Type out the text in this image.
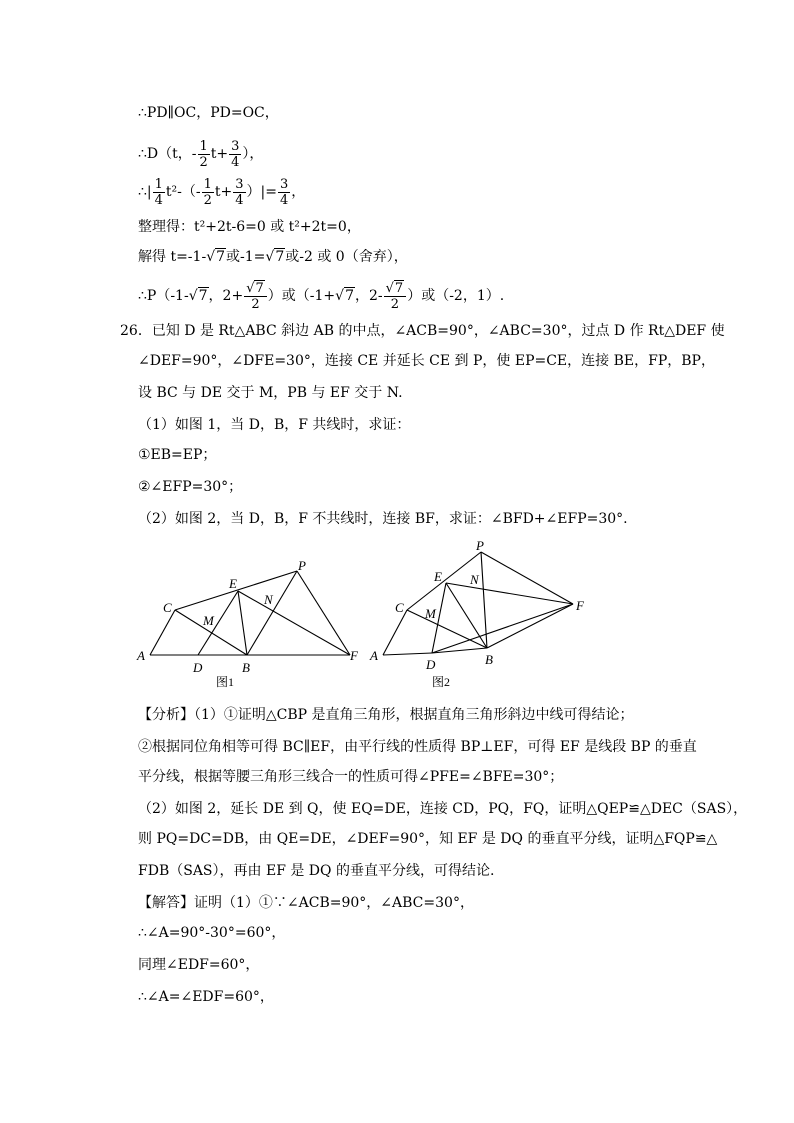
∴PD∥OC，PD=OC，
∴D（t，- $\frac{1}{2} t+ \frac{3}{4}$ ），
∴| $\frac{1}{4} t^2-(- \frac{1}{2} t+ \frac{3}{4}$ ）|= $\frac{3}{4}$ ，
整理得：t²+2t-6=0 或 t²+2t=0，
解得 t=-1-√7或-1=√7或-2 或 0（舍弃），
∴P（-1-√7，$2+ \frac{√7}{2}$ ）或（-1+√7，$2- \frac{√7}{2}$ ）或（-2，1）.
26．已知 D 是 Rt△ABC 斜边 AB 的中点，∠ACB=90°，∠ABC=30°，过点 D 作 Rt△DEF 使
∠DEF=90°，∠DFE=30°，连接 CE 并延长 CE 到 P，使 EP=CE，连接 BE，FP，BP，
设 BC 与 DE 交于 M，PB 与 EF 交于 N.
（1）如图 1，当 D，B，F 共线时，求证：
①EB=EP；
②∠EFP=30°；
（2）如图 2，当 D，B，F 不共线时，连接 BF，求证：∠BFD+∠EFP=30°.
A
B
C
D
E
F
M
N
P
图1
A	B
C
D
E
F
M
N
P
图2
【分析】（1）①证明△CBP 是直角三角形，根据直角三角形斜边中线可得结论；
②根据同位角相等可得 BC∥EF，由平行线的性质得 BP⊥EF，可得 EF 是线段 BP 的垂直
平分线，根据等腰三角形三线合一的性质可得∠PFE=∠BFE=30°；
（2）如图 2，延长 DE 到 Q，使 EQ=DE，连接 CD，PQ，FQ，证明△QEP≌△DEC（SAS），
则 PQ=DC=DB，由 QE=DE，∠DEF=90°，知 EF 是 DQ 的垂直平分线，证明△FQP≌△
FDB（SAS），再由 EF 是 DQ 的垂直平分线，可得结论.
【解答】证明（1）①∵∠ACB=90°，∠ABC=30°，
∴∠A=90°-30°=60°，
同理∠EDF=60°，
∴∠A=∠EDF=60°，
